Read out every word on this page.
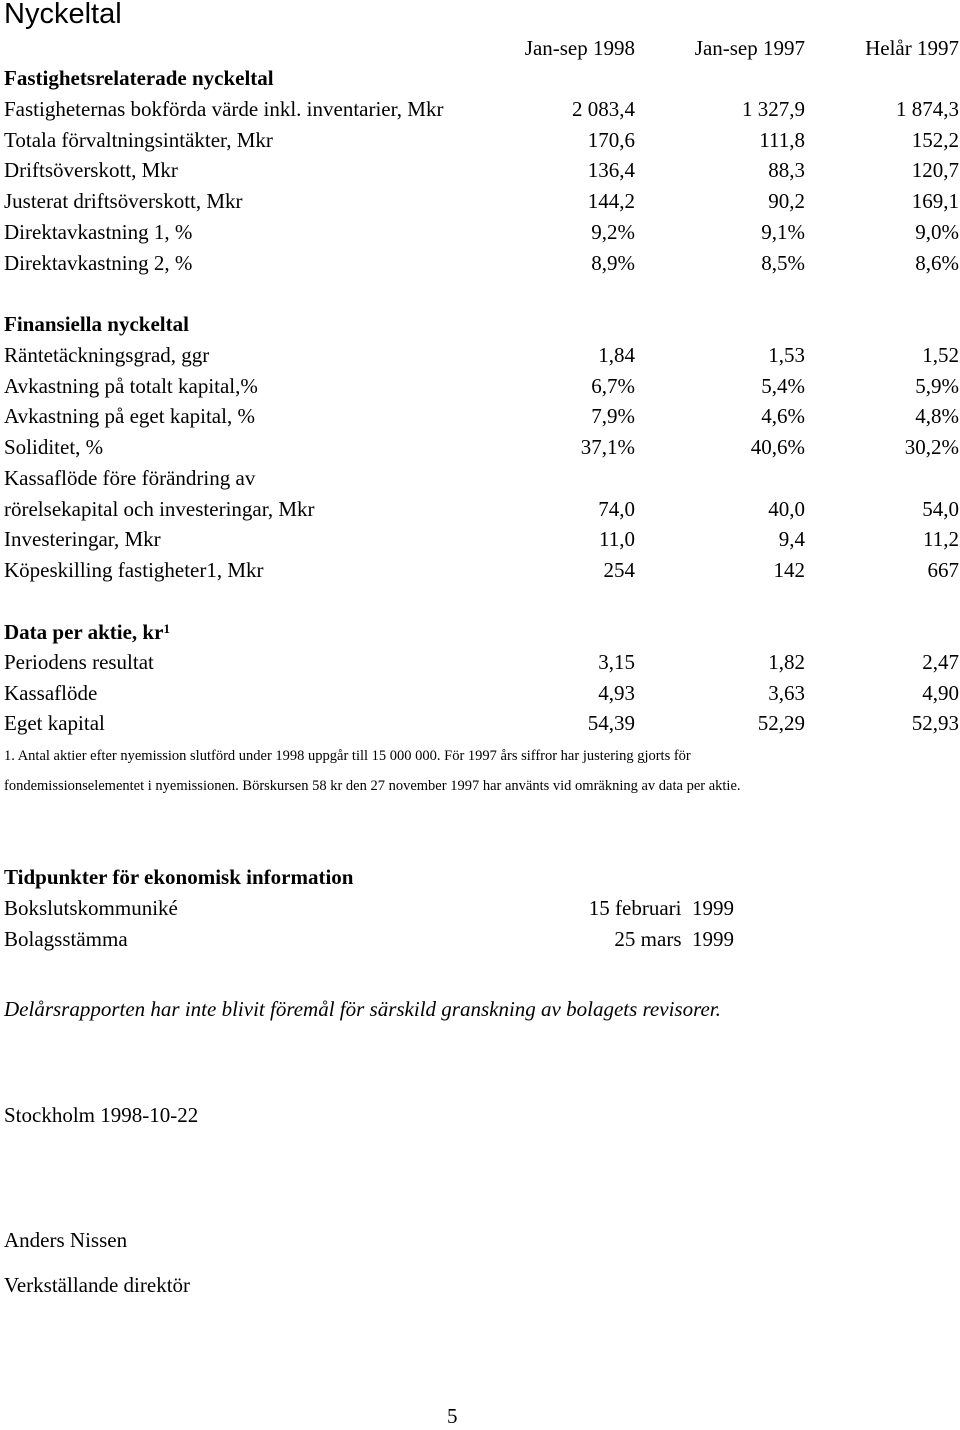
Nyckeltal
Jan-sep 1998	Jan-sep 1997	Helår 1997
Fastighetsrelaterade nyckeltal
Fastigheternas bokförda värde inkl. inventarier, Mkr	2 083,4	1 327,9	1 874,3
Totala förvaltningsintäkter, Mkr	170,6	111,8	152,2
Driftsöverskott, Mkr	136,4	88,3	120,7
Justerat driftsöverskott, Mkr	144,2	90,2	169,1
Direktavkastning 1, %	9,2%	9,1%	9,0%
Direktavkastning 2, %	8,9%	8,5%	8,6%
Finansiella nyckeltal
Räntetäckningsgrad, ggr	1,84	1,53	1,52
Avkastning på totalt kapital,%	6,7%	5,4%	5,9%
Avkastning på eget kapital, %	7,9%	4,6%	4,8%
Soliditet, %	37,1%	40,6%	30,2%
Kassaflöde före förändring av
rörelsekapital och investeringar, Mkr	74,0	40,0	54,0
Investeringar, Mkr	11,0	9,4	11,2
Köpeskilling fastigheter1, Mkr	254	142	667
Data per aktie, $kr^1$
Periodens resultat	3,15	1,82	2,47
Kassaflöde	4,93	3,63	4,90
Eget kapital	54,39	52,29	52,93
1. Antal aktier efter nyemission slutförd under 1998 uppgår till 15 000 000. För 1997 års siffror har justering gjorts för
fondemissionselementet i nyemissionen. Börskursen 58 kr den 27 november 1997 har använts vid omräkning av data per aktie.
Tidpunkter för ekonomisk information
Bokslutskommuniké	15 februari 1999
Bolagsstämma	25 mars 1999
Delårsrapporten har inte blivit föremål för särskild granskning av bolagets revisorer.
Stockholm 1998-10-22
Anders Nissen
Verkställande direktör
5
